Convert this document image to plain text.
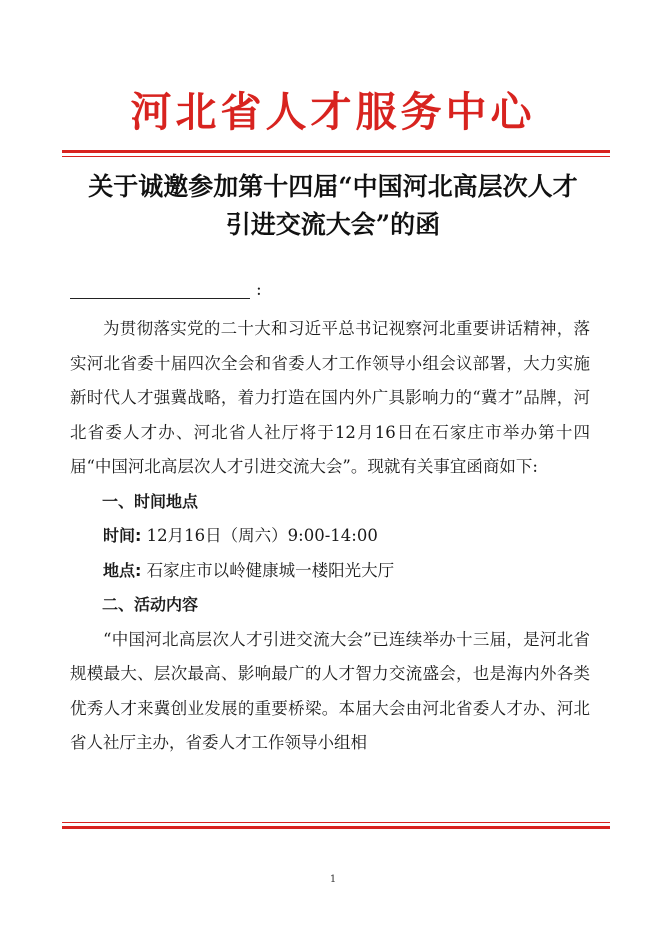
河北省人才服务中心
关于诚邀参加第十四届“中国河北高层次人才
引进交流大会”的函
:

为贯彻落实党的二十大和习近平总书记视察河北重要讲话精神，落实河北省委十届四次全会和省委人才工作领导小组会议部署，大力实施新时代人才强冀战略，着力打造在国内外广具影响力的“冀才”品牌，河北省委人才办、河北省人社厅将于12月16日在石家庄市举办第十四届“中国河北高层次人才引进交流大会”。现就有关事宜函商如下:

一、时间地点

时间: 12月16日（周六）9:00-14:00

地点: 石家庄市以岭健康城一楼阳光大厅

二、活动内容

“中国河北高层次人才引进交流大会”已连续举办十三届，是河北省规模最大、层次最高、影响最广的人才智力交流盛会，也是海内外各类优秀人才来冀创业发展的重要桥梁。本届大会由河北省委人才办、河北省人社厅主办，省委人才工作领导小组相

1
